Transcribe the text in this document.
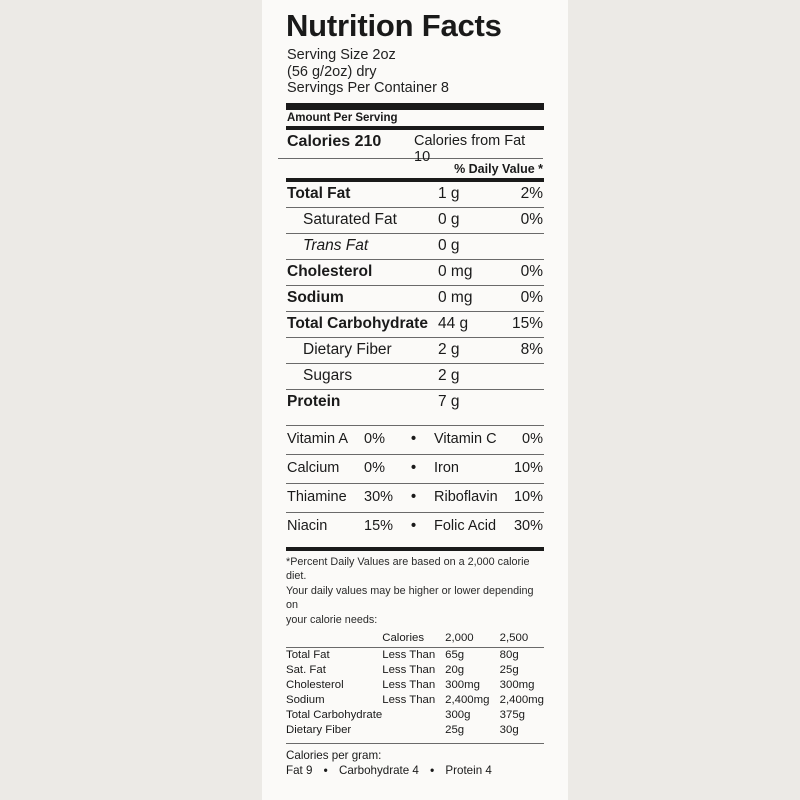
Nutrition Facts
Serving Size 2oz
(56 g/2oz) dry
Servings Per Container 8
Amount Per Serving
Calories 210 Calories from Fat 10
% Daily Value *
Total Fat	1 g	2%
Saturated Fat	0 g	0%
Trans Fat	0 g
Cholesterol	0 mg	0%
Sodium	0 mg	0%
Total Carbohydrate 44 g	15%
Dietary Fiber	2 g	8%
Sugars	2 g
Protein	7 g
Vitamin A 0% • Vitamin C 0%
Calcium 0% • Iron	10%
Thiamine 30% • Riboflavin 10%
Niacin	15% • Folic Acid 30%
*Percent Daily Values are based on a 2,000 calorie diet.
Your daily values may be higher or lower depending on
your calorie needs:
	Calories	2,000	2,500

Total Fat	Less Than	65g	80g
Sat. Fat	Less Than	20g	25g
Cholesterol	Less Than	300mg	300mg
Sodium	Less Than	2,400mg	2,400mg
Total Carbohydrate		300g	375g
Dietary Fiber		25g	30g
Calories per gram:
Fat 9 • Carbohydrate 4 • Protein 4
